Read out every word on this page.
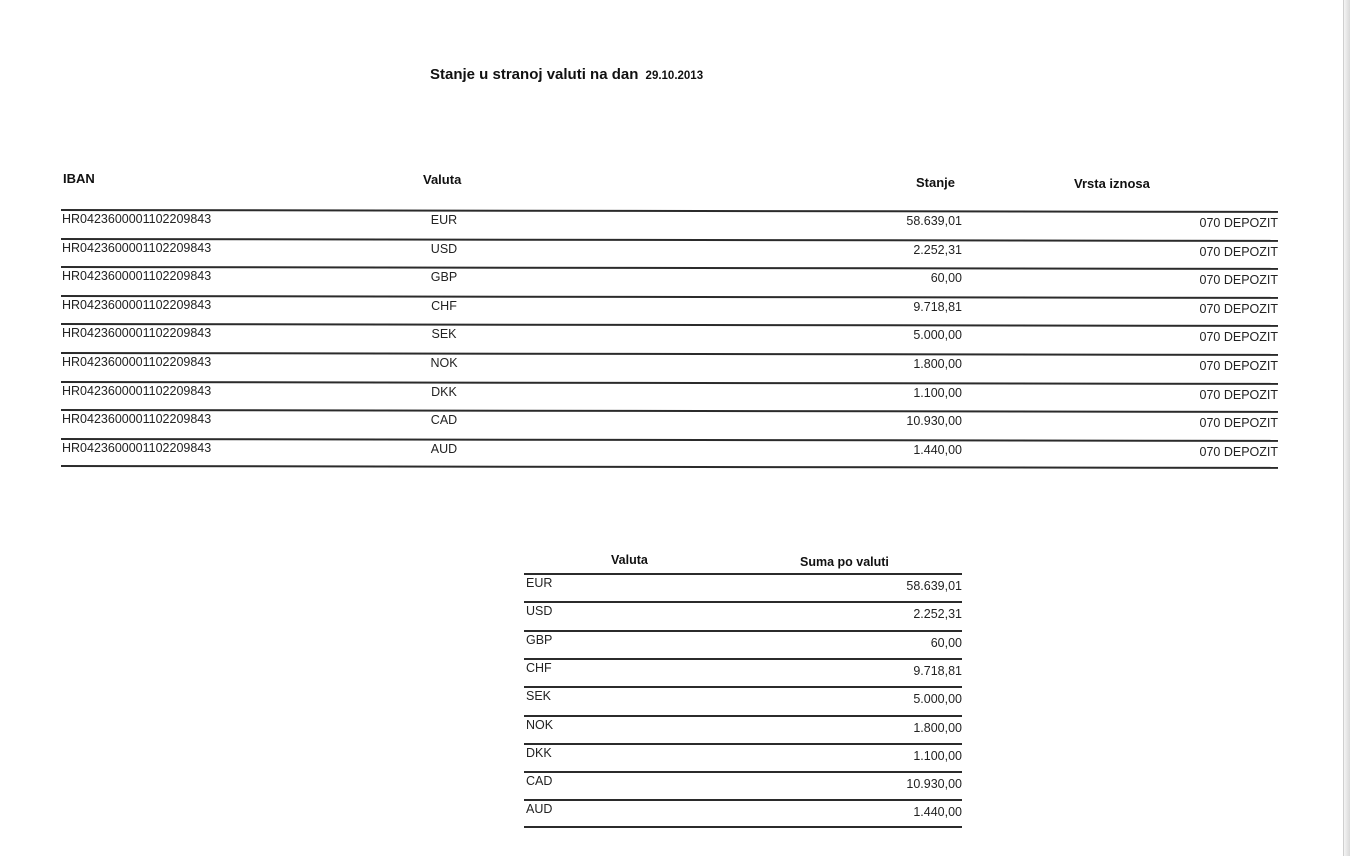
Stanje u stranoj valuti na dan 29.10.2013
IBAN	Valuta	Stanje	Vrsta iznosa
HR0423600001102209843	EUR	58.639,01	070 DEPOZIT
HR0423600001102209843	USD	2.252,31	070 DEPOZIT
HR0423600001102209843	GBP	60,00	070 DEPOZIT
HR0423600001102209843	CHF	9.718,81	070 DEPOZIT
HR0423600001102209843	SEK	5.000,00	070 DEPOZIT
HR0423600001102209843	NOK	1.800,00	070 DEPOZIT
HR0423600001102209843	DKK	1.100,00	070 DEPOZIT
HR0423600001102209843	CAD	10.930,00	070 DEPOZIT
HR0423600001102209843	AUD	1.440,00	070 DEPOZIT
Valuta	Suma po valuti
EUR	58.639,01
USD	2.252,31
GBP	60,00
CHF	9.718,81
SEK	5.000,00
NOK	1.800,00
DKK	1.100,00
CAD	10.930,00
AUD	1.440,00
